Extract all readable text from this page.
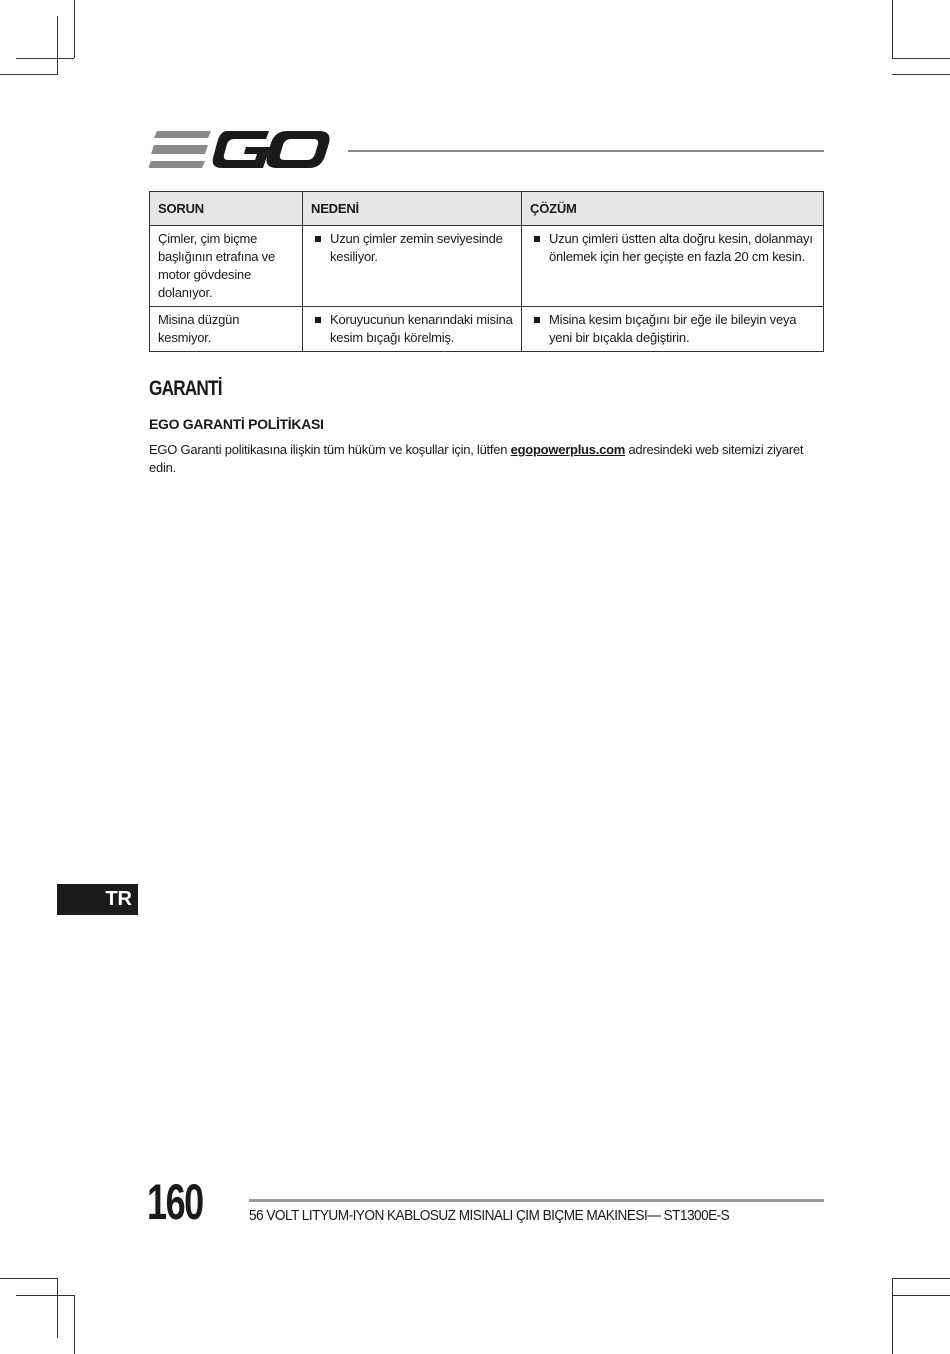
SORUN	NEDENİ	ÇÖZÜM
Çimler, çim biçme başlığının etrafına ve motor gövdesine dolanıyor.	Uzun çimler zemin seviyesinde kesiliyor.	Uzun çimleri üstten alta doğru kesin, dolanmayı önlemek için her geçişte en fazla 20 cm kesin.

Misina düzgün kesmiyor.	Koruyucunun kenarındaki misina kesim bıçağı körelmiş.	Misina kesim bıçağını bir eğe ile bileyin veya yeni bir bıçakla değiştirin.
GARANTİ
EGO GARANTİ POLİTİKASI

EGO Garanti politikasına ilişkin tüm hüküm ve koşullar için, lütfen egopowerplus.com adresindeki web sitemizi ziyaret edin.

TR
160	56 VOLT LITYUM-IYON KABLOSUZ MISINALI ÇIM BIÇME MAKINESI— ST1300E-S
